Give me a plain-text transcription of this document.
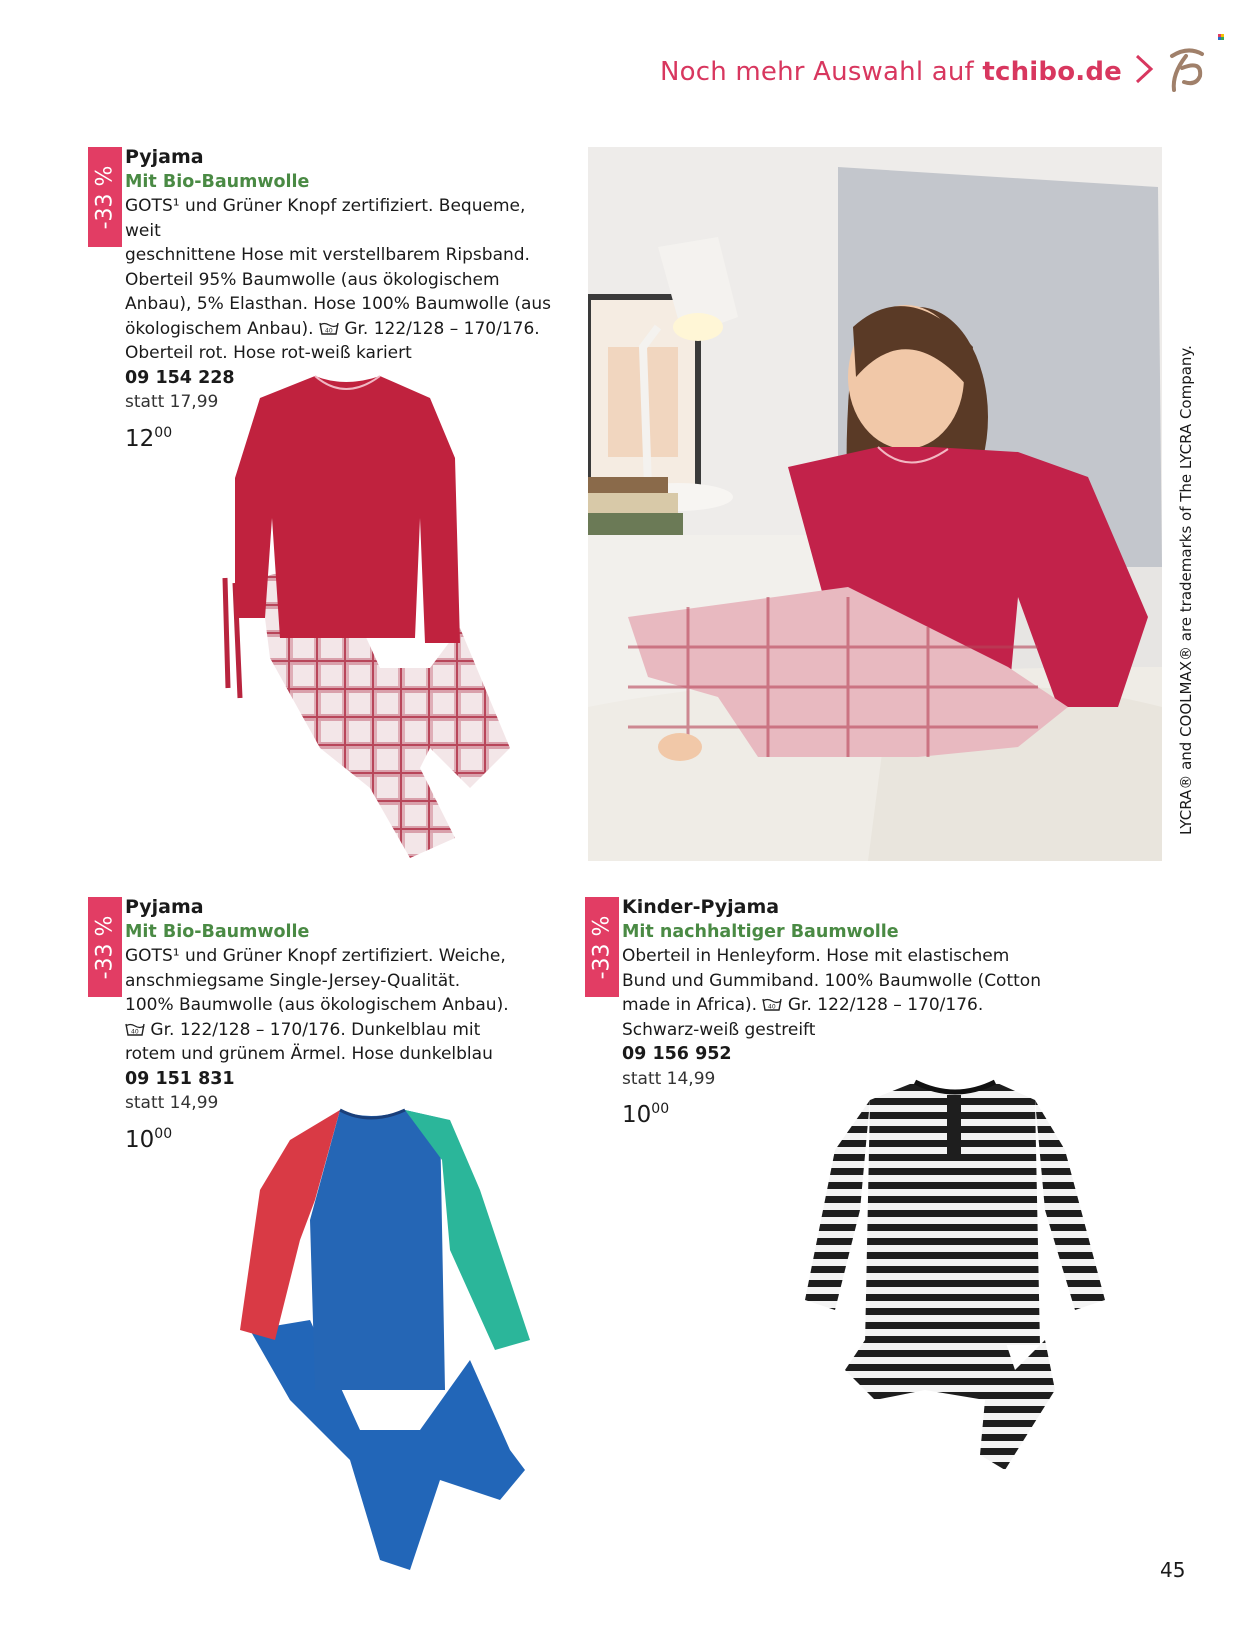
Noch mehr Auswahl auf tchibo.de
-33 %
Pyjama
Mit Bio-Baumwolle
GOTS¹ und Grüner Knopf zertifiziert. Bequeme, weit
geschnittene Hose mit verstellbarem Ripsband.
Oberteil 95% Baumwolle (aus ökologischem
Anbau), 5% Elasthan. Hose 100% Baumwolle (aus
ökologischem Anbau). 40 Gr. 122/128 – 170/176.
Oberteil rot. Hose rot-weiß kariert
09 154 228
statt 17,99
$12^{00}$
-33 %
Pyjama
Mit Bio-Baumwolle
GOTS¹ und Grüner Knopf zertifiziert. Weiche,
anschmiegsame Single-Jersey-Qualität.
100% Baumwolle (aus ökologischem Anbau).
40 Gr. 122/128 – 170/176. Dunkelblau mit
rotem und grünem Ärmel. Hose dunkelblau
09 151 831
statt 14,99
$10^{00}$
-33 %
Kinder-Pyjama
Mit nachhaltiger Baumwolle
Oberteil in Henleyform. Hose mit elastischem
Bund und Gummiband. 100% Baumwolle (Cotton
made in Africa). 40 Gr. 122/128 – 170/176.
Schwarz-weiß gestreift
09 156 952
statt 14,99
$10^{00}$
LYCRA® and COOLMAX® are trademarks of The LYCRA Company.
45
